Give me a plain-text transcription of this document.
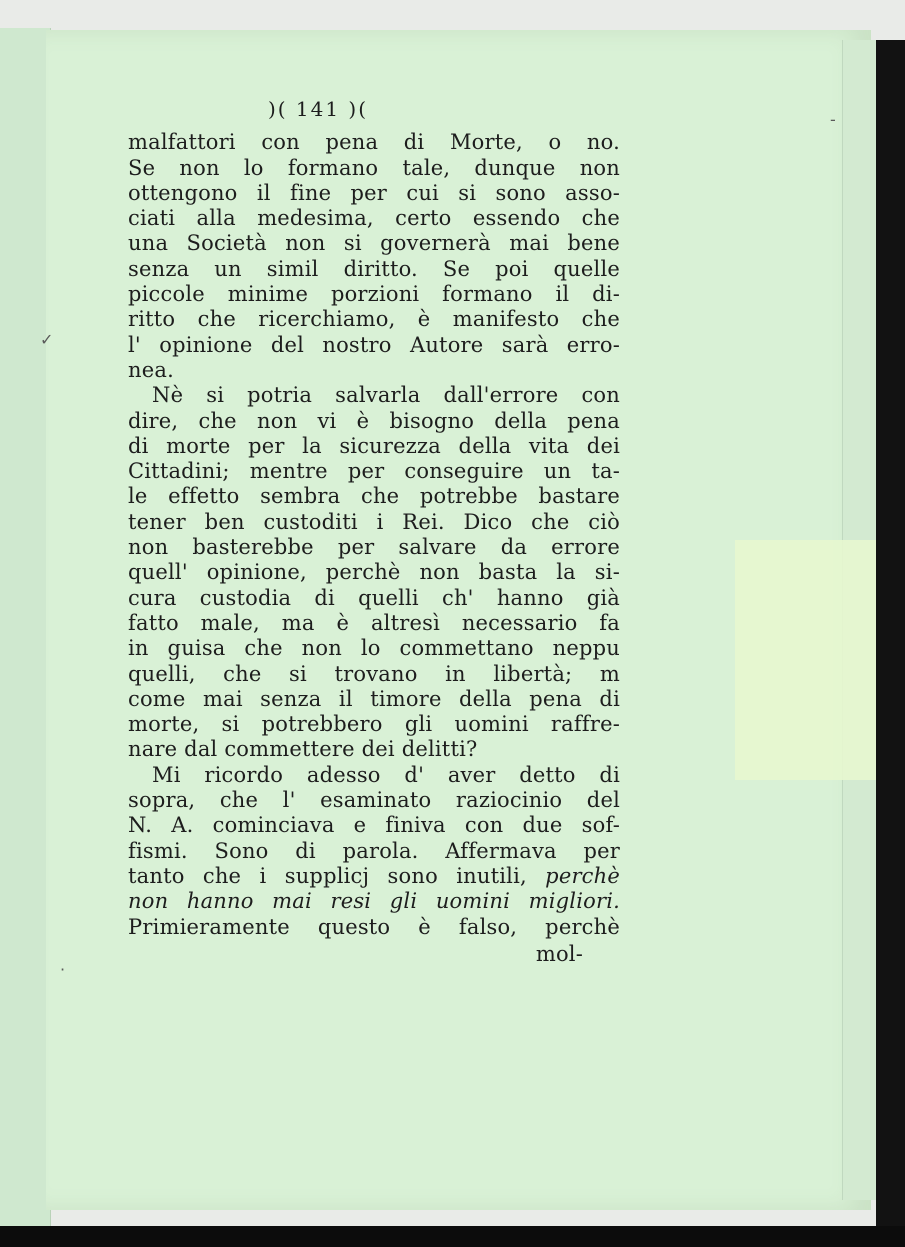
)( 141 )(
malfattori con pena di Morte, o no.
Se non lo formano tale, dunque non
ottengono il fine per cui si sono asso-
ciati alla medesima, certo essendo che
una Società non si governerà mai bene
senza un simil diritto. Se poi quelle
piccole minime porzioni formano il di-
ritto che ricerchiamo, è manifesto che
l' opinione del nostro Autore sarà erro-
nea.
Nè si potria salvarla dall'errore con
dire, che non vi è bisogno della pena
di morte per la sicurezza della vita dei
Cittadini; mentre per conseguire un ta-
le effetto sembra che potrebbe bastare
tener ben custoditi i Rei. Dico che ciò
non basterebbe per salvare da errore
quell' opinione, perchè non basta la si-
cura custodia di quelli ch' hanno già
fatto male, ma è altresì necessario fa
in guisa che non lo commettano neppu
quelli, che si trovano in libertà; m
come mai senza il timore della pena di
morte, si potrebbero gli uomini raffre-
nare dal commettere dei delitti?
Mi ricordo adesso d' aver detto di
sopra, che l' esaminato raziocinio del
N. A. cominciava e finiva con due sof-
fismi. Sono di parola. Affermava per
tanto che i supplicj sono inutili, perchè
non hanno mai resi gli uomini migliori.
Primieramente questo è falso, perchè
mol-
-
✓
·
